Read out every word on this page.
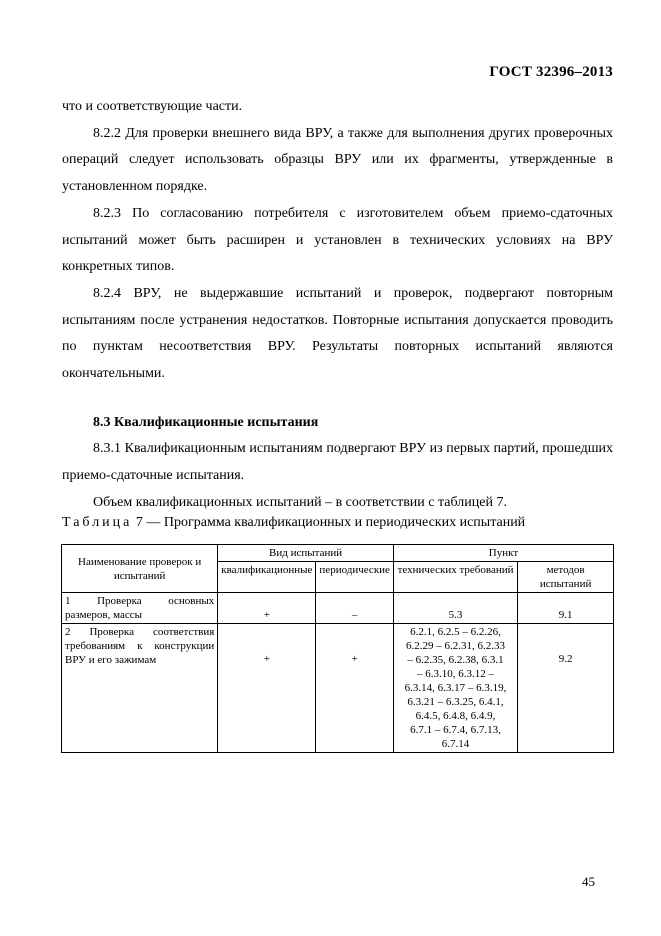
ГОСТ 32396–2013

что и соответствующие части.

8.2.2 Для проверки внешнего вида ВРУ, а также для выполнения других проверочных операций следует использовать образцы ВРУ или их фрагменты, утвержденные в установленном порядке.

8.2.3 По согласованию потребителя с изготовителем объем приемо-сдаточных испытаний может быть расширен и установлен в технических условиях на ВРУ конкретных типов.

8.2.4 ВРУ, не выдержавшие испытаний и проверок, подвергают повторным испытаниям после устранения недостатков. Повторные испытания допускается проводить по пунктам несоответствия ВРУ. Результаты повторных испытаний являются окончательными.

8.3 Квалификационные испытания

8.3.1 Квалификационным испытаниям подвергают ВРУ из первых партий, прошедших приемо-сдаточные испытания.

Объем квалификационных испытаний – в соответствии с таблицей 7.

Таблица 7 — Программа квалификационных и периодических испытаний
Наименование проверок и испытаний	Вид испытаний		Пункт	
	квалификационные	периодические	технических требований	методов испытаний
1 Проверка основных размеров, массы	+	–	5.3	9.1
2 Проверка соответствия требованиям к конструкции ВРУ и его зажимам	+	+	6.2.1, 6.2.5 – 6.2.26, 6.2.29 – 6.2.31, 6.2.33 – 6.2.35, 6.2.38, 6.3.1 – 6.3.10, 6.3.12 – 6.3.14, 6.3.17 – 6.3.19, 6.3.21 – 6.3.25, 6.4.1, 6.4.5, 6.4.8, 6.4.9, 6.7.1 – 6.7.4, 6.7.13, 6.7.14	9.2
45
